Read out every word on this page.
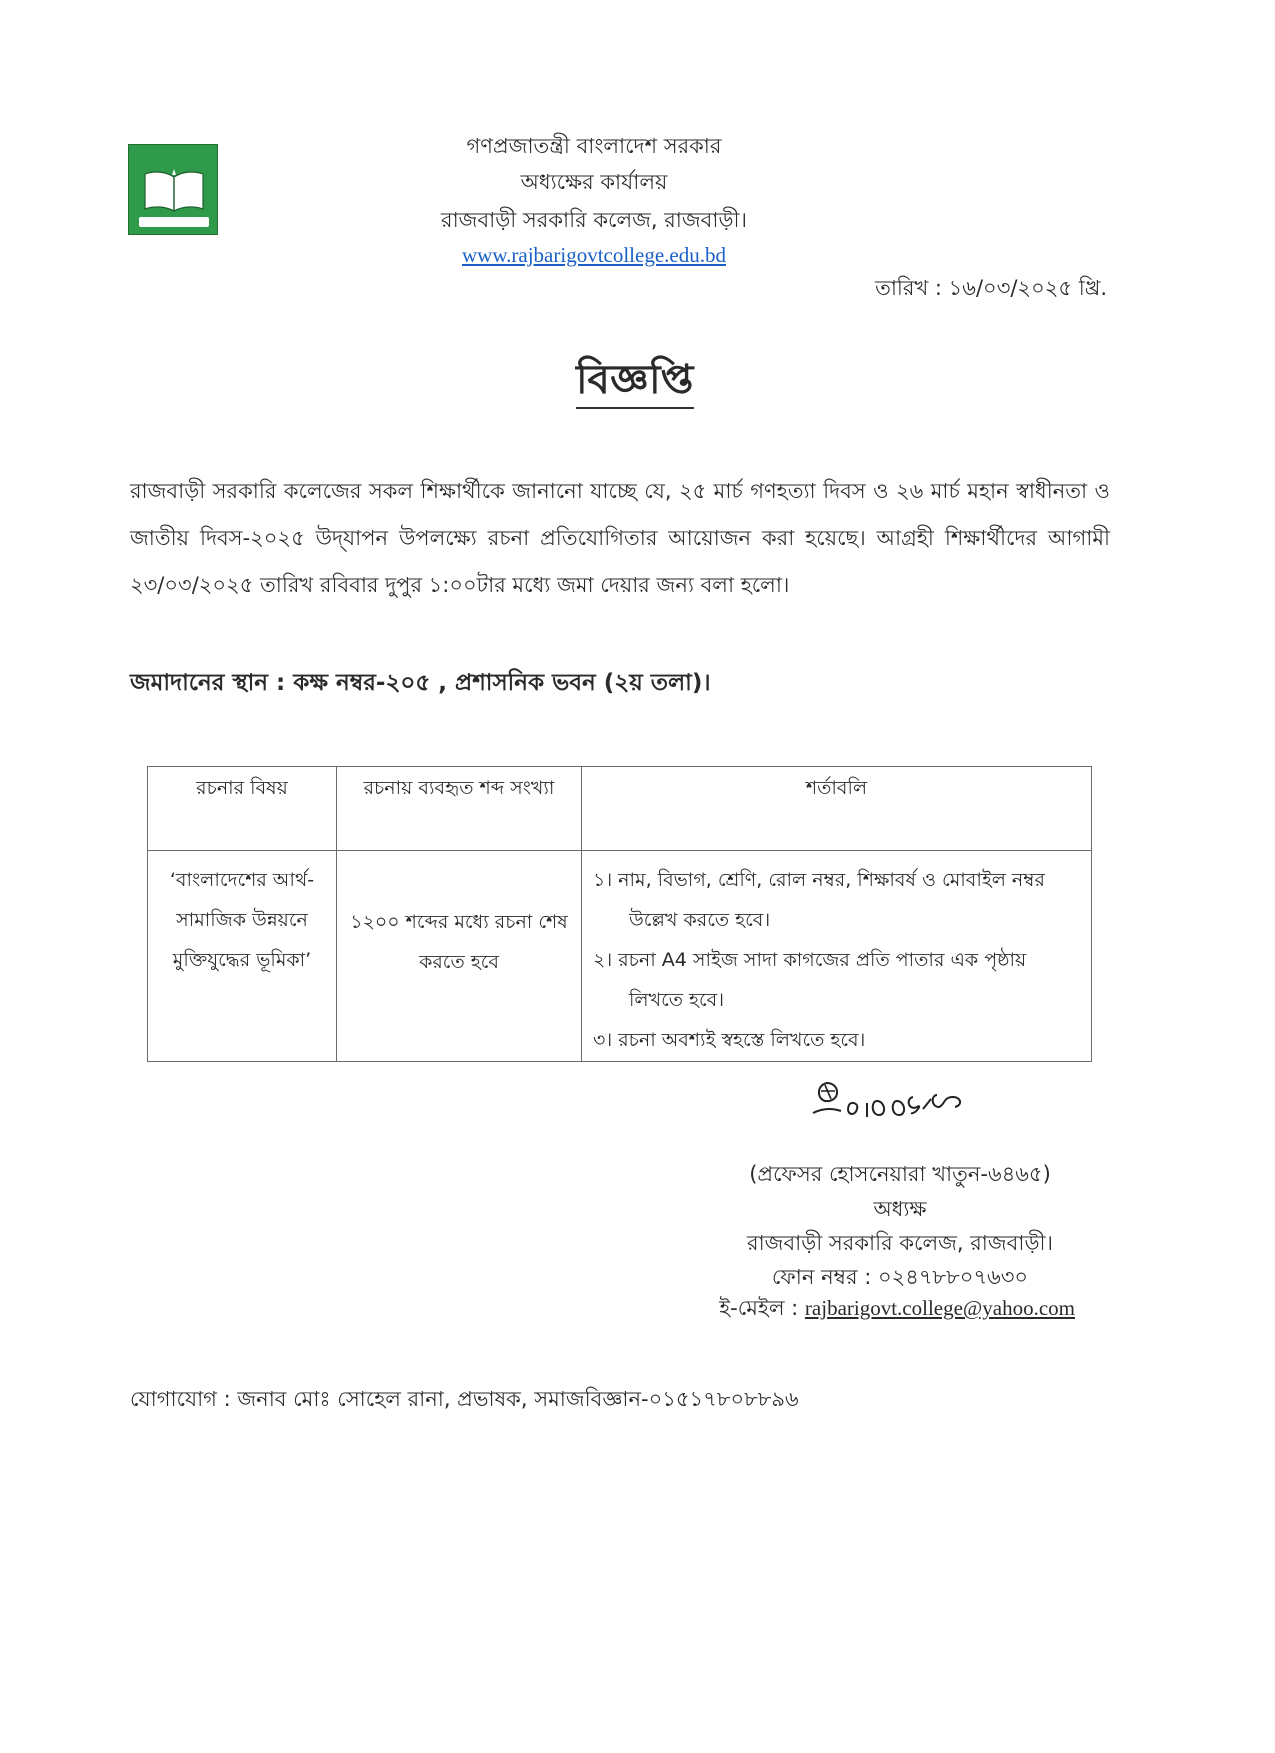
গণপ্রজাতন্ত্রী বাংলাদেশ সরকার
অধ্যক্ষের কার্যালয়
রাজবাড়ী সরকারি কলেজ, রাজবাড়ী।
www.rajbarigovtcollege.edu.bd
তারিখ : ১৬/০৩/২০২৫ খ্রি.
বিজ্ঞপ্তি
রাজবাড়ী সরকারি কলেজের সকল শিক্ষার্থীকে জানানো যাচ্ছে যে, ২৫ মার্চ গণহত্যা দিবস ও ২৬ মার্চ মহান স্বাধীনতা ও জাতীয় দিবস-২০২৫ উদ্‌যাপন উপলক্ষ্যে রচনা প্রতিযোগিতার আয়োজন করা হয়েছে। আগ্রহী শিক্ষার্থীদের আগামী ২৩/০৩/২০২৫ তারিখ রবিবার দুপুর ১:০০টার মধ্যে জমা দেয়ার জন্য বলা হলো।
জমাদানের স্থান : কক্ষ নম্বর-২০৫ , প্রশাসনিক ভবন (২য় তলা)।
রচনার বিষয়	রচনায় ব্যবহৃত শব্দ সংখ্যা	শর্তাবলি

‘বাংলাদেশের আর্থ-সামাজিক উন্নয়নে মুক্তিযুদ্ধের ভূমিকা’	১২০০ শব্দের মধ্যে রচনা শেষ করতে হবে	১। নাম, বিভাগ, শ্রেণি, রোল নম্বর, শিক্ষাবর্ষ ও মোবাইল নম্বর উল্লেখ করতে হবে।
২। রচনা A4 সাইজ সাদা কাগজের প্রতি পাতার এক পৃষ্ঠায় লিখতে হবে।
৩। রচনা অবশ্যই স্বহস্তে লিখতে হবে।
(প্রফেসর হোসনেয়ারা খাতুন-৬৪৬৫)
অধ্যক্ষ
রাজবাড়ী সরকারি কলেজ, রাজবাড়ী।
ফোন নম্বর : ০২৪৭৮৮০৭৬৩০
ই-মেইল : rajbarigovt.college@yahoo.com
যোগাযোগ : জনাব মোঃ সোহেল রানা, প্রভাষক, সমাজবিজ্ঞান-০১৫১৭৮০৮৮৯৬
